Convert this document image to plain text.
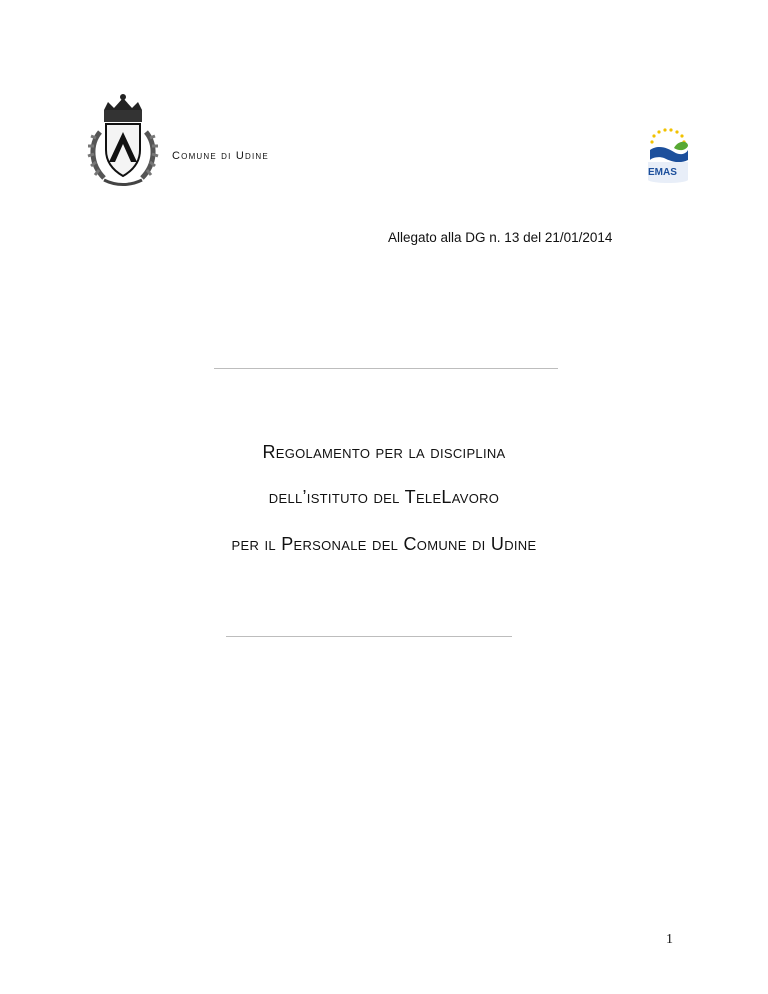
Comune di Udine
EMAS
Allegato alla DG n. 13 del 21/01/2014
Regolamento per la disciplina
dell’istituto del TeleLavoro
per il Personale del Comune di Udine
1
